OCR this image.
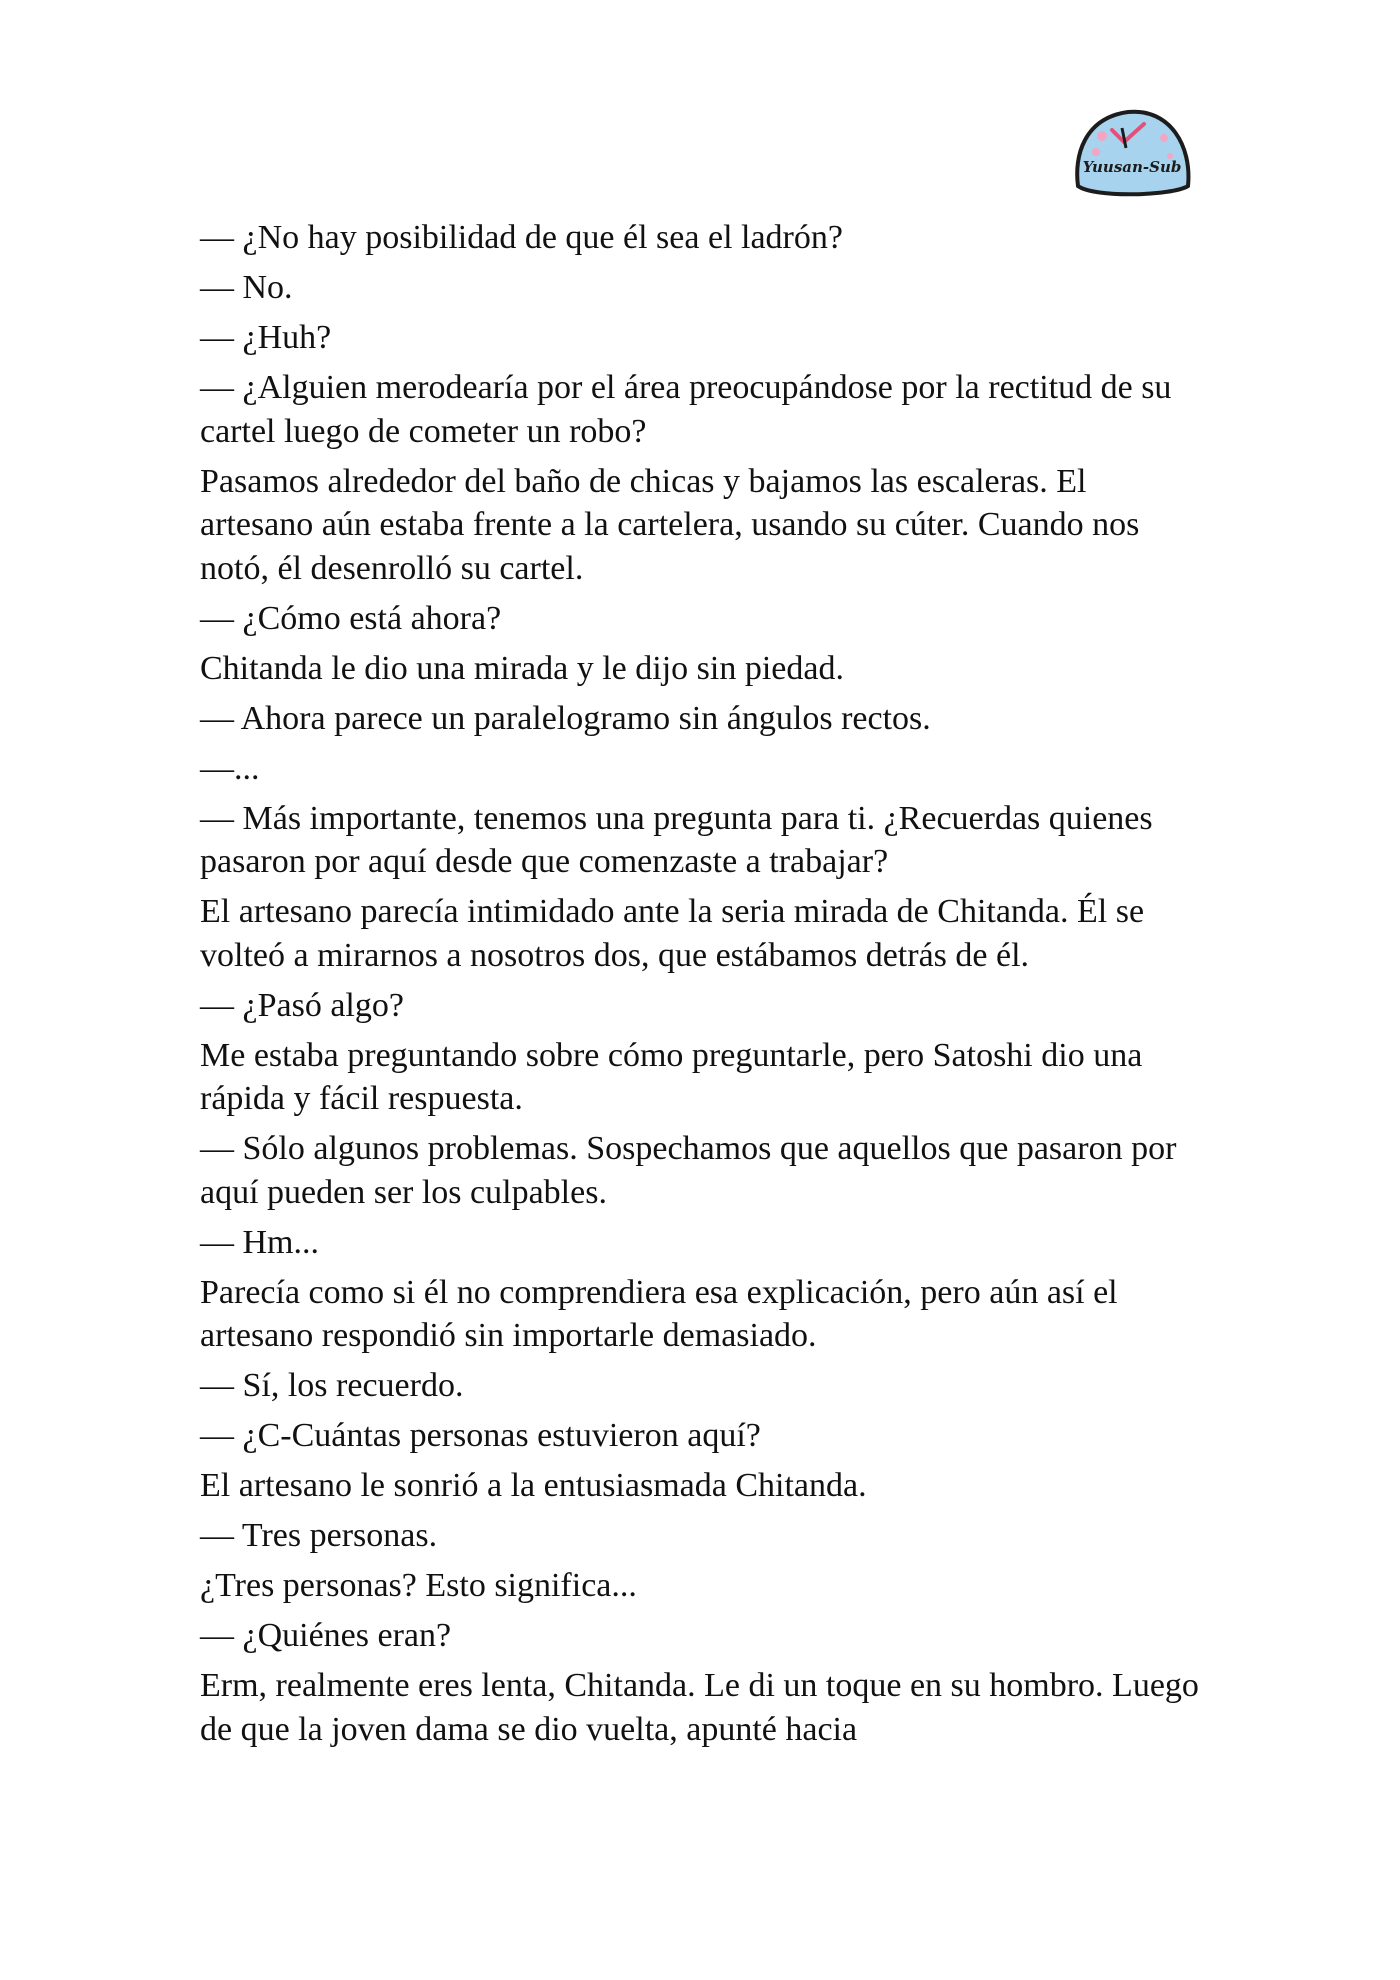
Yuusan-Sub

— ¿No hay posibilidad de que él sea el ladrón?

— No.

— ¿Huh?

— ¿Alguien merodearía por el área preocupándose por la rectitud de su cartel luego de cometer un robo?

Pasamos alrededor del baño de chicas y bajamos las escaleras. El artesano aún estaba frente a la cartelera, usando su cúter. Cuando nos notó, él desenrolló su cartel.

— ¿Cómo está ahora?

Chitanda le dio una mirada y le dijo sin piedad.

— Ahora parece un paralelogramo sin ángulos rectos.

—...

— Más importante, tenemos una pregunta para ti. ¿Recuerdas quienes pasaron por aquí desde que comenzaste a trabajar?

El artesano parecía intimidado ante la seria mirada de Chitanda. Él se volteó a mirarnos a nosotros dos, que estábamos detrás de él.

— ¿Pasó algo?

Me estaba preguntando sobre cómo preguntarle, pero Satoshi dio una rápida y fácil respuesta.

— Sólo algunos problemas. Sospechamos que aquellos que pasaron por aquí pueden ser los culpables.

— Hm...

Parecía como si él no comprendiera esa explicación, pero aún así el artesano respondió sin importarle demasiado.

— Sí, los recuerdo.

— ¿C-Cuántas personas estuvieron aquí?

El artesano le sonrió a la entusiasmada Chitanda.

— Tres personas.

¿Tres personas? Esto significa...

— ¿Quiénes eran?

Erm, realmente eres lenta, Chitanda. Le di un toque en su hombro. Luego de que la joven dama se dio vuelta, apunté hacia
